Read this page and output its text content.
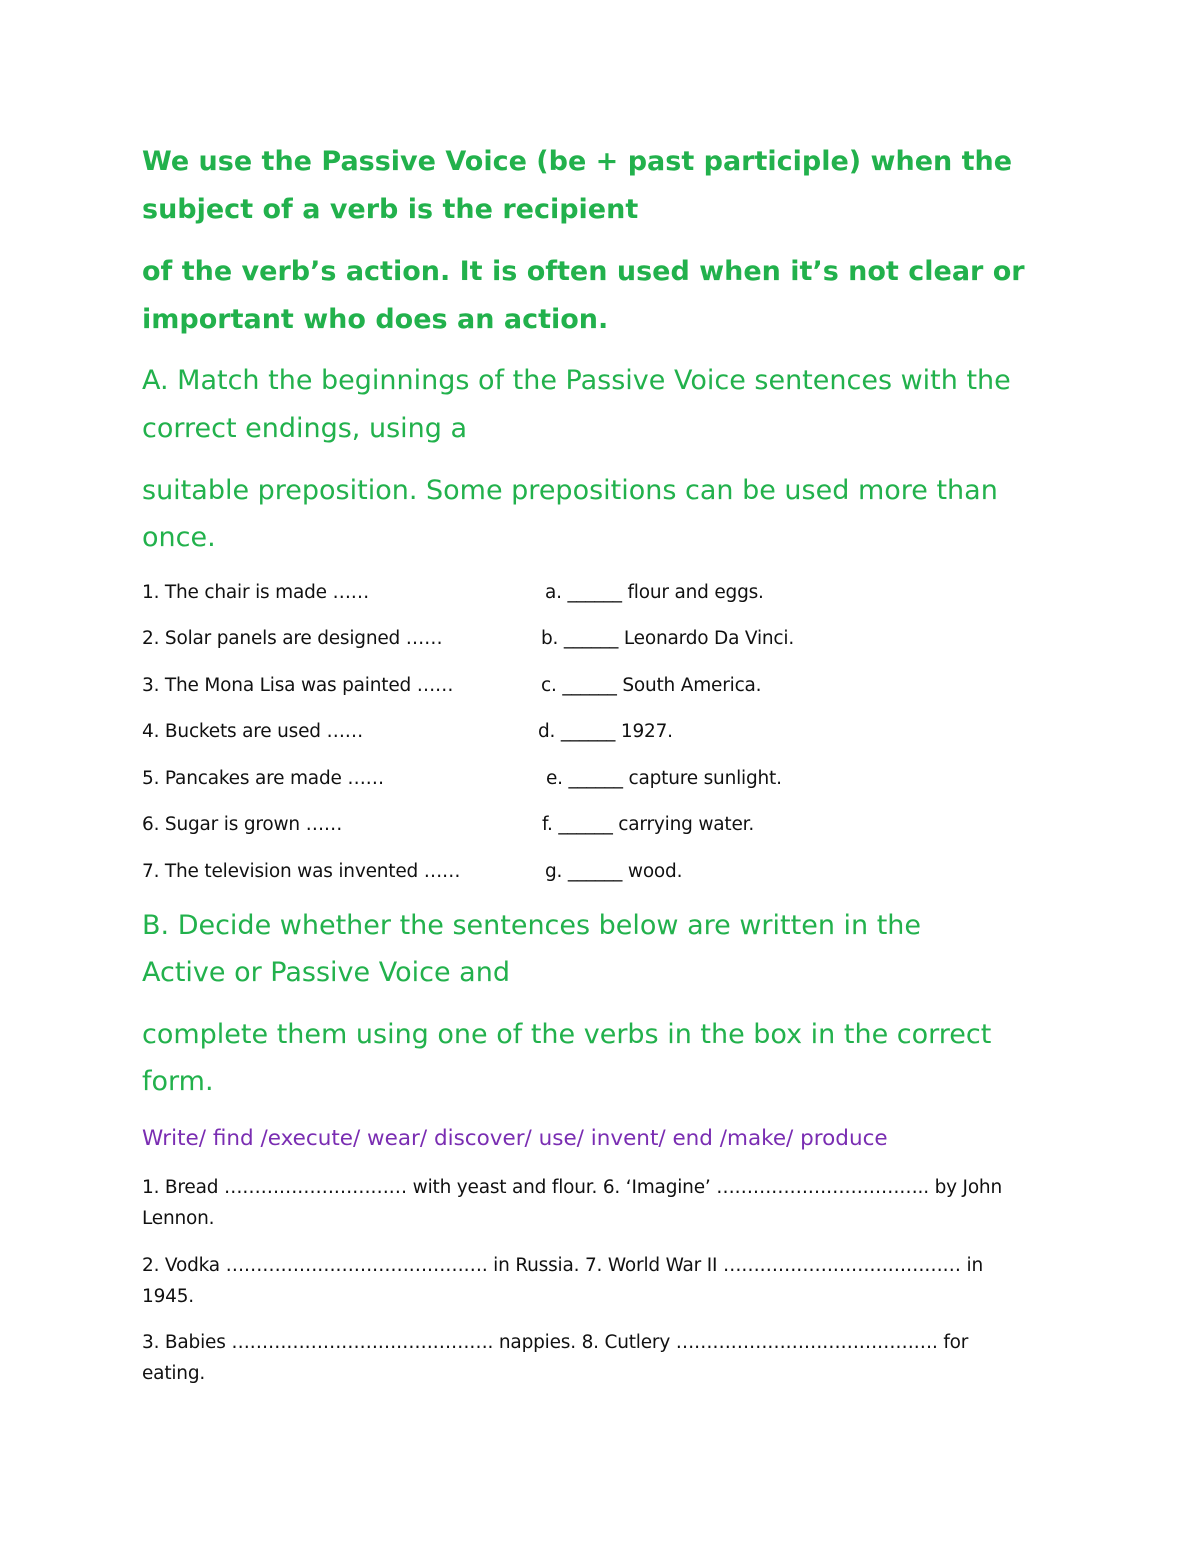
We use the Passive Voice (be + past participle) when the

subject of a verb is the recipient

of the verb’s action. It is often used when it’s not clear or

important who does an action.

A. Match the beginnings of the Passive Voice sentences with the

correct endings, using a

suitable preposition. Some prepositions can be used more than

once.

1. The chair is made ……

2. Solar panels are designed ……

3. The Mona Lisa was painted ……

4. Buckets are used ……

5. Pancakes are made ……

6. Sugar is grown ……

7. The television was invented ……

a. ______ flour and eggs.

b. ______ Leonardo Da Vinci.

c. ______ South America.

d. ______ 1927.

e. ______ capture sunlight.

f. ______ carrying water.

g. ______ wood.

B. Decide whether the sentences below are written in the

Active or Passive Voice and

complete them using one of the verbs in the box in the correct

form.

Write/ find /execute/ wear/ discover/ use/ invent/ end /make/ produce

1. Bread ………………………… with yeast and flour. 6. ‘Imagine’ …………………………….. by John

Lennon.

2. Vodka ……………………………………. in Russia. 7. World War II ………………………………… in

1945.

3. Babies ……………………………………. nappies. 8. Cutlery ……………………………………. for

eating.
